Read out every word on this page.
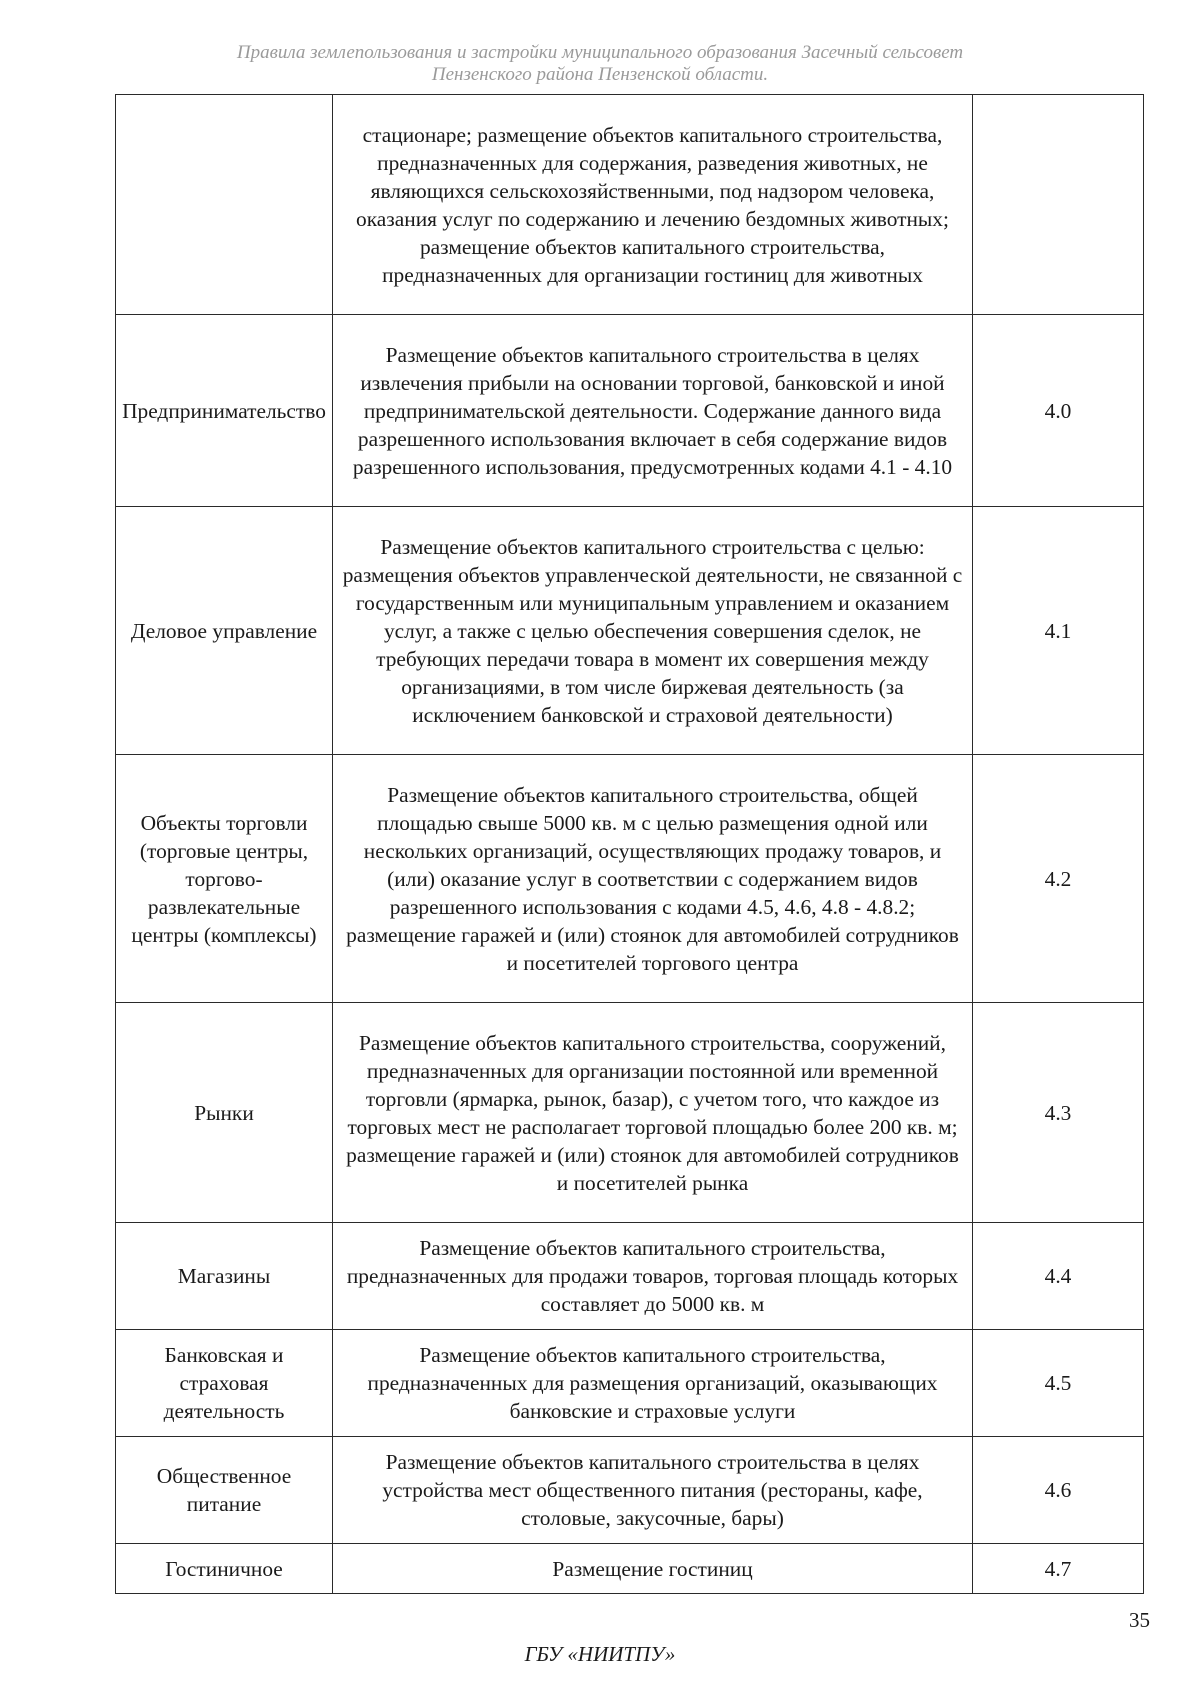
Правила землепользования и застройки муниципального образования Засечный сельсовет
Пензенского района Пензенской области.
	стационаре; размещение объектов капитального строительства, предназначенных для содержания, разведения животных, не являющихся сельскохозяйственными, под надзором человека, оказания услуг по содержанию и лечению бездомных животных; размещение объектов капитального строительства, предназначенных для организации гостиниц для животных	
Предпринимательство	Размещение объектов капитального строительства в целях извлечения прибыли на основании торговой, банковской и иной предпринимательской деятельности. Содержание данного вида разрешенного использования включает в себя содержание видов разрешенного использования, предусмотренных кодами 4.1 - 4.10	4.0
Деловое управление	Размещение объектов капитального строительства с целью: размещения объектов управленческой деятельности, не связанной с государственным или муниципальным управлением и оказанием услуг, а также с целью обеспечения совершения сделок, не требующих передачи товара в момент их совершения между организациями, в том числе биржевая деятельность (за исключением банковской и страховой деятельности)	4.1
Объекты торговли (торговые центры, торгово-развлекательные центры (комплексы)	Размещение объектов капитального строительства, общей площадью свыше 5000 кв. м с целью размещения одной или нескольких организаций, осуществляющих продажу товаров, и (или) оказание услуг в соответствии с содержанием видов разрешенного использования с кодами 4.5, 4.6, 4.8 - 4.8.2; размещение гаражей и (или) стоянок для автомобилей сотрудников и посетителей торгового центра	4.2
Рынки	Размещение объектов капитального строительства, сооружений, предназначенных для организации постоянной или временной торговли (ярмарка, рынок, базар), с учетом того, что каждое из торговых мест не располагает торговой площадью более 200 кв. м; размещение гаражей и (или) стоянок для автомобилей сотрудников и посетителей рынка	4.3
Магазины	Размещение объектов капитального строительства, предназначенных для продажи товаров, торговая площадь которых составляет до 5000 кв. м	4.4
Банковская и страховая деятельность	Размещение объектов капитального строительства, предназначенных для размещения организаций, оказывающих банковские и страховые услуги	4.5
Общественное питание	Размещение объектов капитального строительства в целях устройства мест общественного питания (рестораны, кафе, столовые, закусочные, бары)	4.6
Гостиничное	Размещение гостиниц	4.7
35
ГБУ «НИИТПУ»
